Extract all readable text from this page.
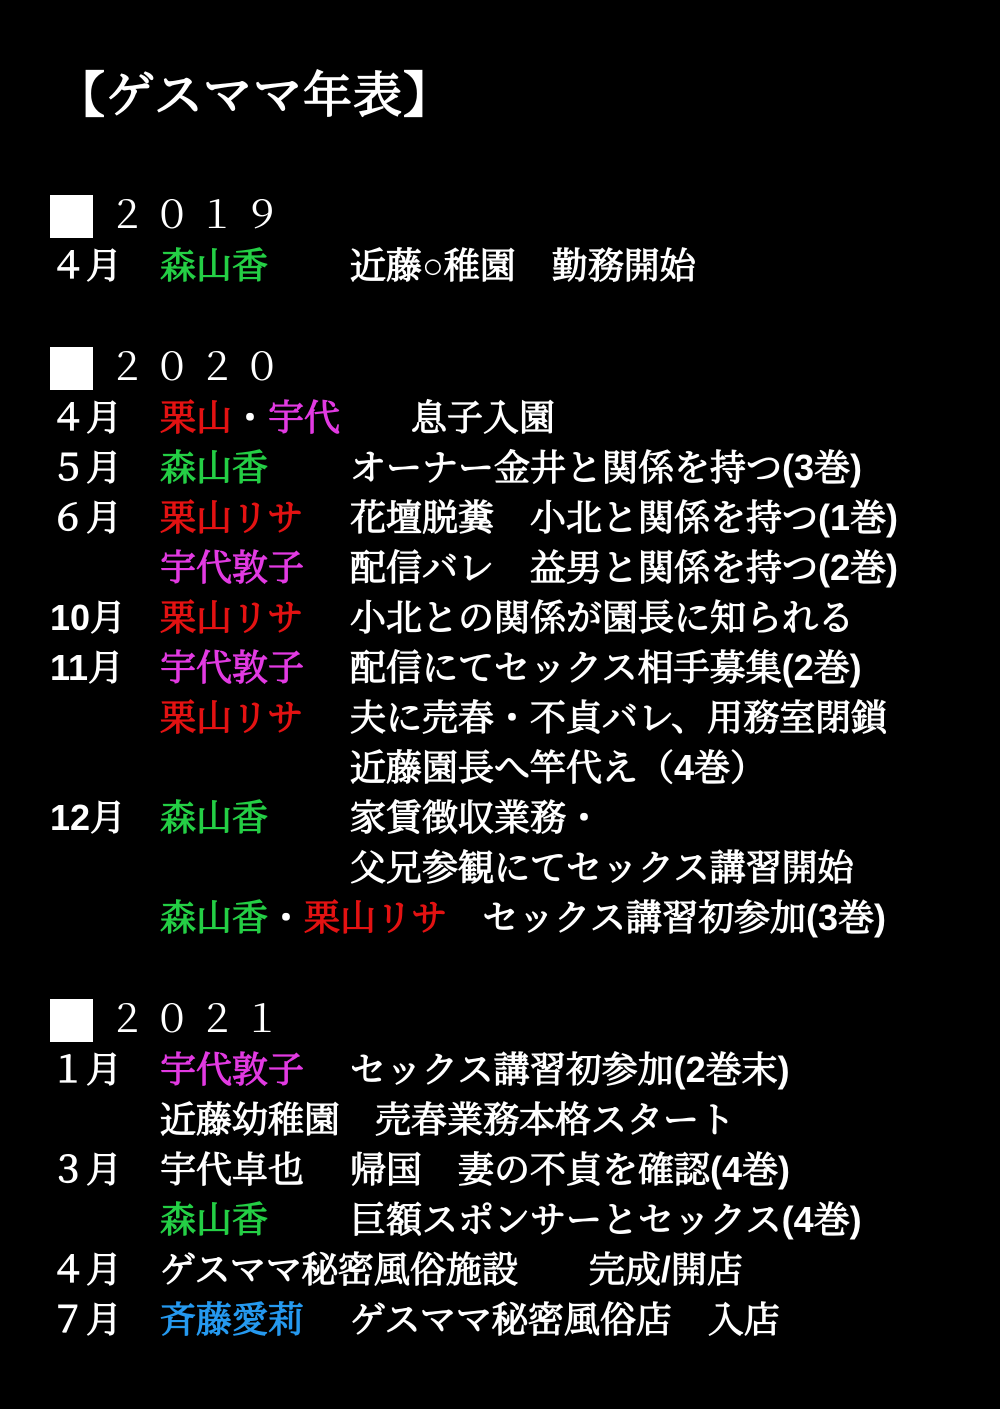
【ゲスママ年表】
２０１９
４月	森山香	近藤○稚園　勤務開始
２０２０
４月	栗山・宇代 　息子入園
５月	森山香	オーナー金井と関係を持つ(3巻)
６月	栗山リサ	花壇脱糞　小北と関係を持つ(1巻)
宇代敦子	配信バレ　益男と関係を持つ(2巻)
10月 栗山リサ	小北との関係が園長に知られる
11月 宇代敦子	配信にてセックス相手募集(2巻)
栗山リサ	夫に売春・不貞バレ、用務室閉鎖
近藤園長へ竿代え（4巻）
12月 森山香	家賃徴収業務・
父兄参観にてセックス講習開始
森山香・栗山リサ セックス講習初参加(3巻)
２０２１
１月	宇代敦子	セックス講習初参加(2巻末)
近藤幼稚園 売春業務本格スタート
３月	宇代卓也	帰国　妻の不貞を確認(4巻)
森山香	巨額スポンサーとセックス(4巻)
４月	ゲスママ秘密風俗施設 　完成/開店
７月	斉藤愛莉	ゲスママ秘密風俗店　入店
